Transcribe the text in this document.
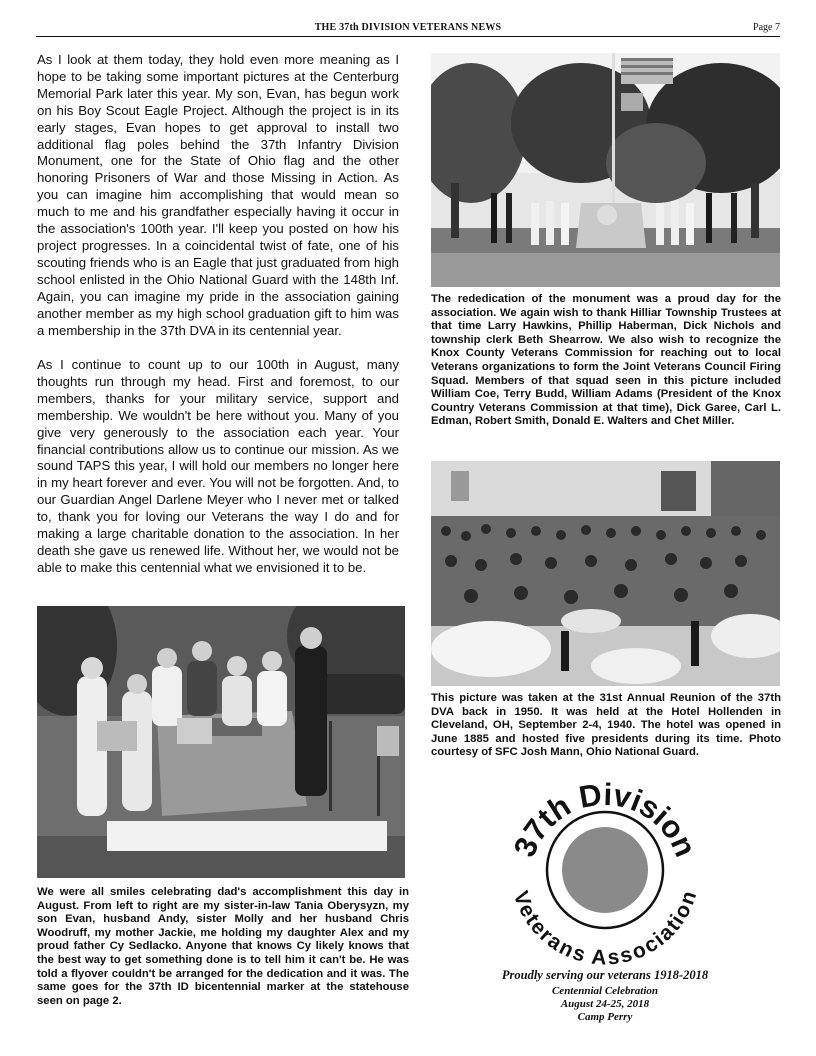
THE 37th DIVISION VETERANS NEWS	Page 7

As I look at them today, they hold even more meaning as I hope to be taking some important pictures at the Centerburg Memorial Park later this year. My son, Evan, has begun work on his Boy Scout Eagle Project. Although the project is in its early stages, Evan hopes to get approval to install two additional flag poles behind the 37th Infantry Division Monument, one for the State of Ohio flag and the other honoring Prisoners of War and those Missing in Action. As you can imagine him accomplishing that would mean so much to me and his grandfather especially having it occur in the association's 100th year. I'll keep you posted on how his project progresses. In a coincidental twist of fate, one of his scouting friends who is an Eagle that just graduated from high school enlisted in the Ohio National Guard with the 148th Inf. Again, you can imagine my pride in the association gaining another member as my high school graduation gift to him was a membership in the 37th DVA in its centennial year.

As I continue to count up to our 100th in August, many thoughts run through my head. First and foremost, to our members, thanks for your military service, support and membership. We wouldn't be here without you. Many of you give very generously to the association each year. Your financial contributions allow us to continue our mission. As we sound TAPS this year, I will hold our members no longer here in my heart forever and ever. You will not be forgotten. And, to our Guardian Angel Darlene Meyer who I never met or talked to, thank you for loving our Veterans the way I do and for making a large charitable donation to the association. In her death she gave us renewed life. Without her, we would not be able to make this centennial what we envisioned it to be.

The rededication of the monument was a proud day for the association. We again wish to thank Hilliar Township Trustees at that time Larry Hawkins, Phillip Haberman, Dick Nichols and township clerk Beth Shearrow. We also wish to recognize the Knox County Veterans Commission for reaching out to local Veterans organizations to form the Joint Veterans Council Firing Squad. Members of that squad seen in this picture included William Coe, Terry Budd, William Adams (President of the Knox Country Veterans Commission at that time), Dick Garee, Carl L. Edman, Robert Smith, Donald E. Walters and Chet Miller.
This picture was taken at the 31st Annual Reunion of the 37th DVA back in 1950. It was held at the Hotel Hollenden in Cleveland, OH, September 2-4, 1940. The hotel was opened in June 1885 and hosted five presidents during its time. Photo courtesy of SFC Josh Mann, Ohio National Guard.
We were all smiles celebrating dad's accomplishment this day in August. From left to right are my sister-in-law Tania Oberysyzn, my son Evan, husband Andy, sister Molly and her husband Chris Woodruff, my mother Jackie, me holding my daughter Alex and my proud father Cy Sedlacko. Anyone that knows Cy likely knows that the best way to get something done is to tell him it can't be. He was told a flyover couldn't be arranged for the dedication and it was. The same goes for the 37th ID bicentennial marker at the statehouse seen on page 2.
37th Division
Veterans Association
Proudly serving our veterans 1918-2018
Centennial Celebration
August 24-25, 2018
Camp Perry
